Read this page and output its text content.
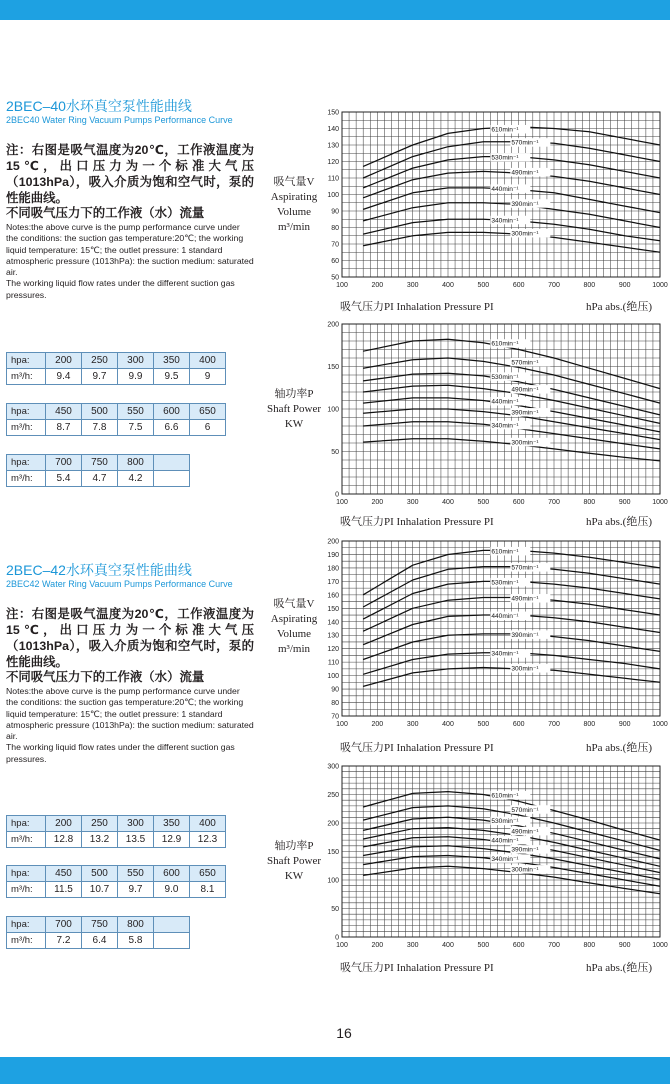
2BEC–40水环真空泵性能曲线
2BEC40 Water Ring Vacuum Pumps Performance Curve
注：右图是吸气温度为20℃，工作液温度为15℃，出口压力为一个标准大气压（1013hPa），吸入介质为饱和空气时，泵的性能曲线。
不同吸气压力下的工作液（水）流量
Notes:the above curve is the pump performance curve under the conditions: the suction gas temperature:20℃; the working liquid temperature: 15℃; the outlet pressure: 1 standard atmospheric pressure (1013hPa): the suction medium: saturated air.
The working liquid flow rates under the different suction gas pressures.
hpa:	200	250	300	350	400
m³/h:	9.4	9.7	9.9	9.5	9
hpa:	450	500	550	600	650
m³/h:	8.7	7.8	7.5	6.6	6
hpa:	700	750	800	
m³/h:	5.4	4.7	4.2	
2BEC–42水环真空泵性能曲线
2BEC42 Water Ring Vacuum Pumps Performance Curve
注：右图是吸气温度为20℃，工作液温度为15℃，出口压力为一个标准大气压（1013hPa），吸入介质为饱和空气时，泵的性能曲线。
不同吸气压力下的工作液（水）流量
Notes:the above curve is the pump performance curve under the conditions: the suction gas temperature:20℃; the working liquid temperature: 15℃; the outlet pressure: 1 standard atmospheric pressure (1013hPa): the suction medium: saturated air.
The working liquid flow rates under the different suction gas pressures.
hpa:	200	250	300	350	400
m³/h:	12.8	13.2	13.5	12.9	12.3
hpa:	450	500	550	600	650
m³/h:	11.5	10.7	9.7	9.0	8.1
hpa:	700	750	800	
m³/h:	7.2	6.4	5.8	
吸气量V
Aspirating
Volume
m³/min
轴功率P
Shaft Power
KW
吸气量V
Aspirating
Volume
m³/min
轴功率P
Shaft Power
KW
吸气压力PI Inhalation Pressure PI	hPa abs.(绝压)
吸气压力PI Inhalation Pressure PI	hPa abs.(绝压)
吸气压力PI Inhalation Pressure PI	hPa abs.(绝压)
吸气压力PI Inhalation Pressure PI	hPa abs.(绝压)
100	200	300	400	500	600	700	800	900	1000
50
60
70
80
90
100
110
120
130
140
150
610min⁻¹
570min⁻¹
530min⁻¹
490min⁻¹
440min⁻¹
390min⁻¹
340min⁻¹
300min⁻¹
100	200	300	400	500	600	700	800	900	1000
0
50
100
150
200
610min⁻¹
570min⁻¹
530min⁻¹
490min⁻¹
440min⁻¹
390min⁻¹
340min⁻¹
300min⁻¹
100	200	300	400	500	600	700	800	900	1000
70
80
90
100
110
120
130
140
150
160
170
180
190
200
610min⁻¹
570min⁻¹
530min⁻¹
490min⁻¹
440min⁻¹
390min⁻¹
340min⁻¹
300min⁻¹
100	200	300	400	500	600	700	800	900	1000
0
50
100
150
200
250
300
610min⁻¹
570min⁻¹
530min⁻¹
490min⁻¹
440min⁻¹
390min⁻¹
340min⁻¹
300min⁻¹
16
